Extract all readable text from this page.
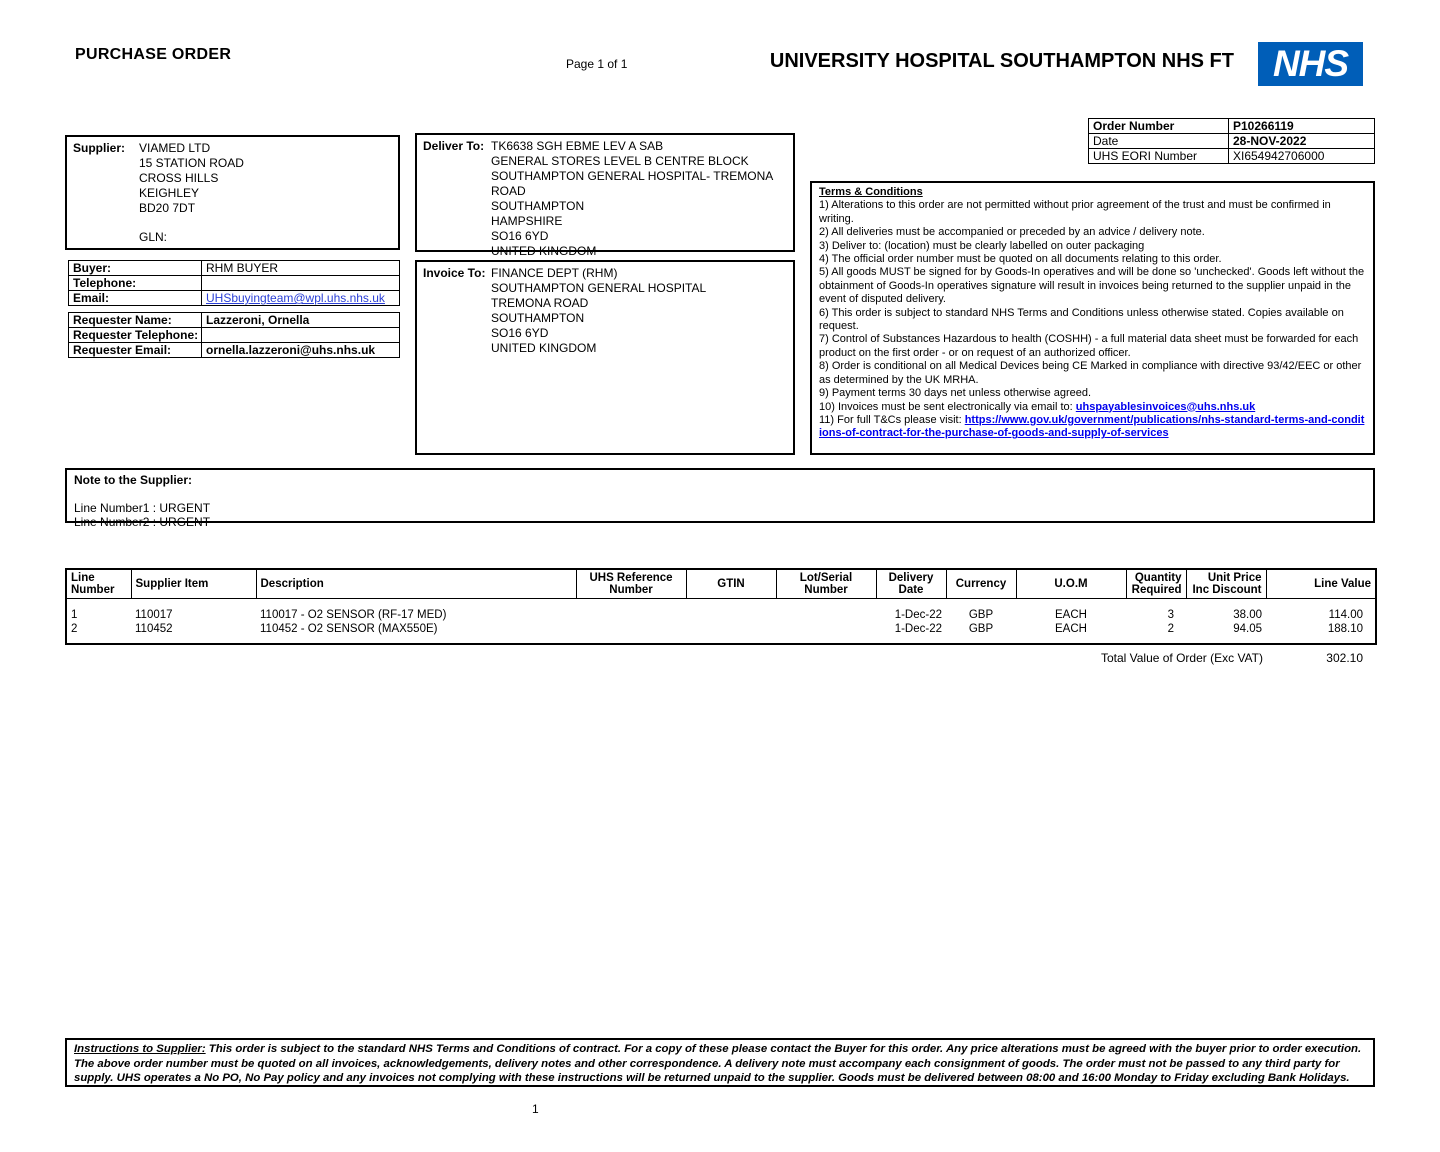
PURCHASE ORDER
Page 1 of 1	UNIVERSITY HOSPITAL SOUTHAMPTON NHS FT	NHS
Supplier:	VIAMED LTD
15 STATION ROAD
CROSS HILLS
KEIGHLEY
BD20 7DT
GLN:
Buyer:	RHM BUYER
Telephone:	
Email:	UHSbuyingteam@wpl.uhs.nhs.uk
Requester Name:	Lazzeroni, Ornella
Requester Telephone:	
Requester Email:	ornella.lazzeroni@uhs.nhs.uk
Deliver To: TK6638 SGH EBME LEV A SAB
GENERAL STORES LEVEL B CENTRE BLOCK
SOUTHAMPTON GENERAL HOSPITAL- TREMONA ROAD
SOUTHAMPTON
HAMPSHIRE
SO16 6YD
UNITED KINGDOM
Invoice To: FINANCE DEPT (RHM)
SOUTHAMPTON GENERAL HOSPITAL
TREMONA ROAD
SOUTHAMPTON
SO16 6YD
UNITED KINGDOM
Order Number	P10266119
Date	28-NOV-2022
UHS EORI Number	XI654942706000
Terms & Conditions
1) Alterations to this order are not permitted without prior agreement of the trust and must be confirmed in writing.
2) All deliveries must be accompanied or preceded by an advice / delivery note.
3) Deliver to: (location) must be clearly labelled on outer packaging
4) The official order number must be quoted on all documents relating to this order.
5) All goods MUST be signed for by Goods-In operatives and will be done so 'unchecked'. Goods left without the obtainment of Goods-In operatives signature will result in invoices being returned to the supplier unpaid in the event of disputed delivery.
6) This order is subject to standard NHS Terms and Conditions unless otherwise stated. Copies available on request.
7) Control of Substances Hazardous to health (COSHH) - a full material data sheet must be forwarded for each product on the first order - or on request of an authorized officer.
8) Order is conditional on all Medical Devices being CE Marked in compliance with directive 93/42/EEC or other as determined by the UK MRHA.
9) Payment terms 30 days net unless otherwise agreed.
10) Invoices must be sent electronically via email to: uhspayablesinvoices@uhs.nhs.uk
11) For full T&Cs please visit: https://www.gov.uk/government/publications/nhs-standard-terms-and-conditions-of-contract-for-the-purchase-of-goods-and-supply-of-services
Note to the Supplier:
Line Number1 : URGENT
Line Number2 : URGENT
Line Number	Supplier Item	Description	UHS Reference Number	GTIN	Lot/Serial Number	Delivery Date	Currency	U.O.M	Quantity Required	Unit Price Inc Discount	Line Value
1	110017	110017 - O2 SENSOR (RF-17 MED)				1-Dec-22	GBP	EACH	3	38.00	114.00
2	110452	110452 - O2 SENSOR (MAX550E)				1-Dec-22	GBP	EACH	2	94.05	188.10

Total Value of Order (Exc VAT)	302.10
Instructions to Supplier: This order is subject to the standard NHS Terms and Conditions of contract. For a copy of these please contact the Buyer for this order. Any price alterations must be agreed with the buyer prior to order execution. The above order number must be quoted on all invoices, acknowledgements, delivery notes and other correspondence. A delivery note must accompany each consignment of goods. The order must not be passed to any third party for supply. UHS operates a No PO, No Pay policy and any invoices not complying with these instructions will be returned unpaid to the supplier. Goods must be delivered between 08:00 and 16:00 Monday to Friday excluding Bank Holidays.
1
